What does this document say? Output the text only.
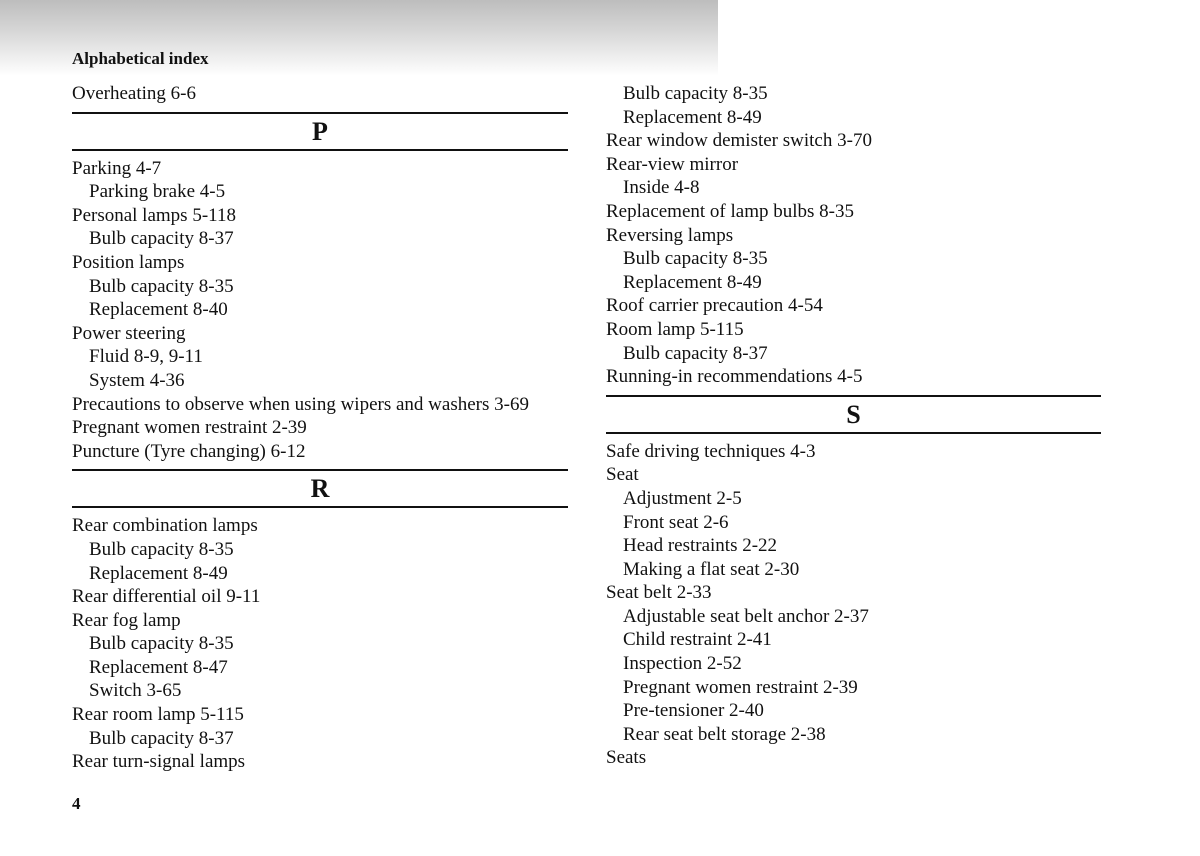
Alphabetical index
Overheating 6-6
P
Parking 4-7
Parking brake 4-5
Personal lamps 5-118
Bulb capacity 8-37
Position lamps
Bulb capacity 8-35
Replacement 8-40
Power steering
Fluid 8-9, 9-11
System 4-36
Precautions to observe when using wipers and washers 3-69
Pregnant women restraint 2-39
Puncture (Tyre changing) 6-12
R
Rear combination lamps
Bulb capacity 8-35
Replacement 8-49
Rear differential oil 9-11
Rear fog lamp
Bulb capacity 8-35
Replacement 8-47
Switch 3-65
Rear room lamp 5-115
Bulb capacity 8-37
Rear turn-signal lamps
Bulb capacity 8-35
Replacement 8-49
Rear window demister switch 3-70
Rear-view mirror
Inside 4-8
Replacement of lamp bulbs 8-35
Reversing lamps
Bulb capacity 8-35
Replacement 8-49
Roof carrier precaution 4-54
Room lamp 5-115
Bulb capacity 8-37
Running-in recommendations 4-5
S
Safe driving techniques 4-3
Seat
Adjustment 2-5
Front seat 2-6
Head restraints 2-22
Making a flat seat 2-30
Seat belt 2-33
Adjustable seat belt anchor 2-37
Child restraint 2-41
Inspection 2-52
Pregnant women restraint 2-39
Pre-tensioner 2-40
Rear seat belt storage 2-38
Seats
4
